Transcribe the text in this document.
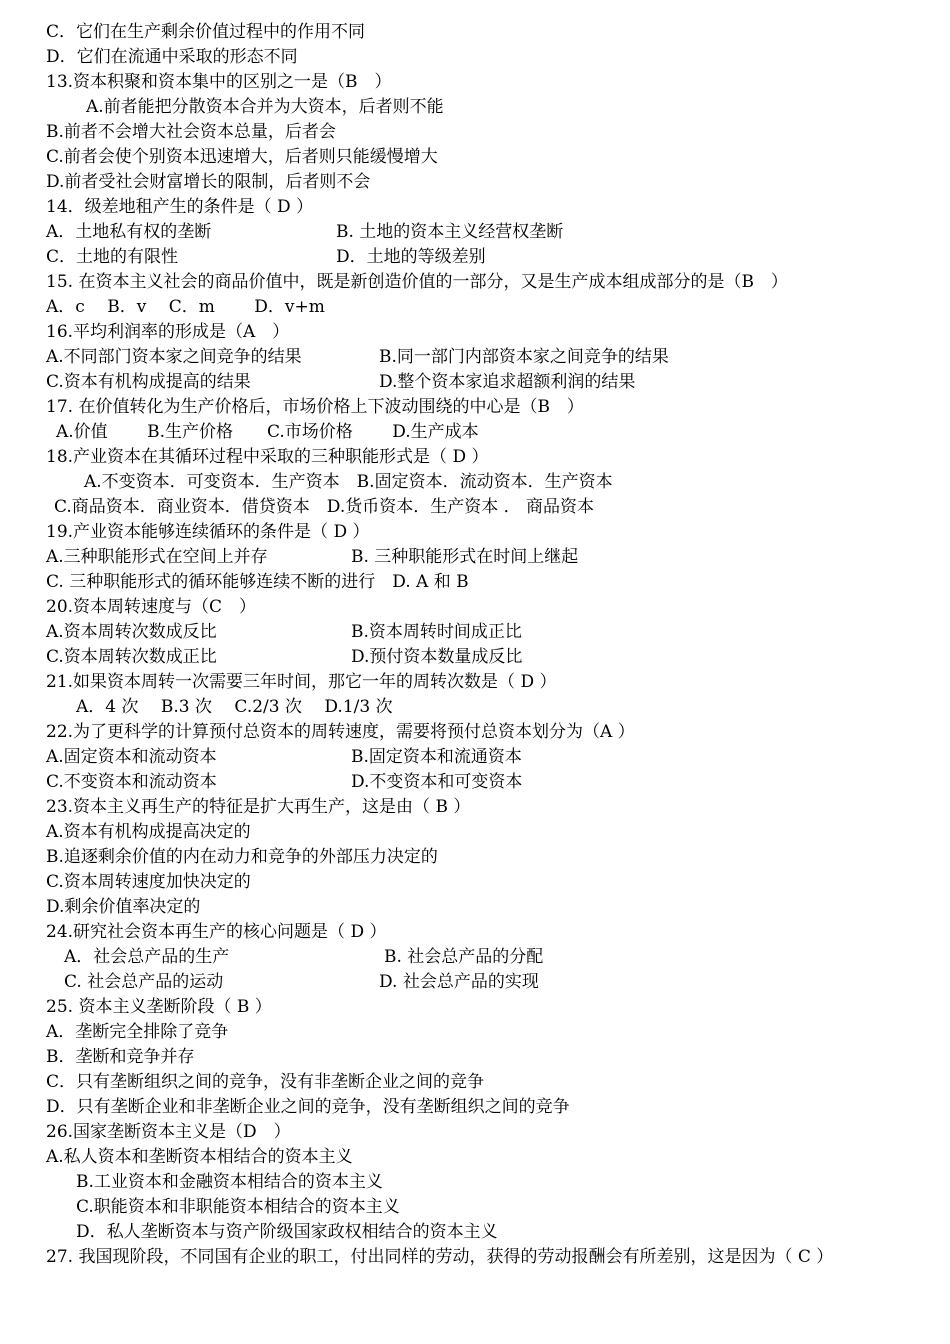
C．它们在生产剩余价值过程中的作用不同
D．它们在流通中采取的形态不同
13.资本积聚和资本集中的区别之一是（B　）
A.前者能把分散资本合并为大资本，后者则不能
B.前者不会增大社会资本总量，后者会
C.前者会使个别资本迅速增大，后者则只能缓慢增大
D.前者受社会财富增长的限制，后者则不会
14．级差地租产生的条件是（ D ）
A．土地私有权的垄断	B. 土地的资本主义经营权垄断
C．土地的有限性	D．土地的等级差别
15. 在资本主义社会的商品价值中，既是新创造价值的一部分，又是生产成本组成部分的是（B　）
A．c　 B．v　 C．m　　 D．v+m
16.平均利润率的形成是（A　）
A.不同部门资本家之间竞争的结果	B.同一部门内部资本家之间竞争的结果
C.资本有机构成提高的结果	D.整个资本家追求超额利润的结果
17. 在价值转化为生产价格后，市场价格上下波动围绕的中心是（B　）
A.价值　　 B.生产价格　　C.市场价格　　 D.生产成本
18.产业资本在其循环过程中采取的三种职能形式是（ D ）
A.不变资本．可变资本．生产资本　B.固定资本．流动资本．生产资本
C.商品资本．商业资本．借贷资本　D.货币资本．生产资本 ． 商品资本
19.产业资本能够连续循环的条件是（ D ）
A.三种职能形式在空间上并存	B. 三种职能形式在时间上继起
C. 三种职能形式的循环能够连续不断的进行　D. A 和 B
20.资本周转速度与（C　）
A.资本周转次数成反比	B.资本周转时间成正比
C.资本周转次数成正比	D.预付资本数量成反比
21.如果资本周转一次需要三年时间，那它一年的周转次数是（ D ）
A．4 次　 B.3 次　 C.2/3 次　 D.1/3 次
22.为了更科学的计算预付总资本的周转速度，需要将预付总资本划分为（A ）
A.固定资本和流动资本	B.固定资本和流通资本
C.不变资本和流动资本	D.不变资本和可变资本
23.资本主义再生产的特征是扩大再生产，这是由（ B ）
A.资本有机构成提高决定的
B.追逐剩余价值的内在动力和竞争的外部压力决定的
C.资本周转速度加快决定的
D.剩余价值率决定的
24.研究社会资本再生产的核心问题是（ D ）
A．社会总产品的生产	B. 社会总产品的分配
C. 社会总产品的运动	D. 社会总产品的实现
25. 资本主义垄断阶段（ B ）
A．垄断完全排除了竞争
B．垄断和竞争并存
C．只有垄断组织之间的竞争，没有非垄断企业之间的竞争
D．只有垄断企业和非垄断企业之间的竞争，没有垄断组织之间的竞争
26.国家垄断资本主义是（D　）
A.私人资本和垄断资本相结合的资本主义
B.工业资本和金融资本相结合的资本主义
C.职能资本和非职能资本相结合的资本主义
D．私人垄断资本与资产阶级国家政权相结合的资本主义
27. 我国现阶段，不同国有企业的职工，付出同样的劳动，获得的劳动报酬会有所差别，这是因为（ C ）
